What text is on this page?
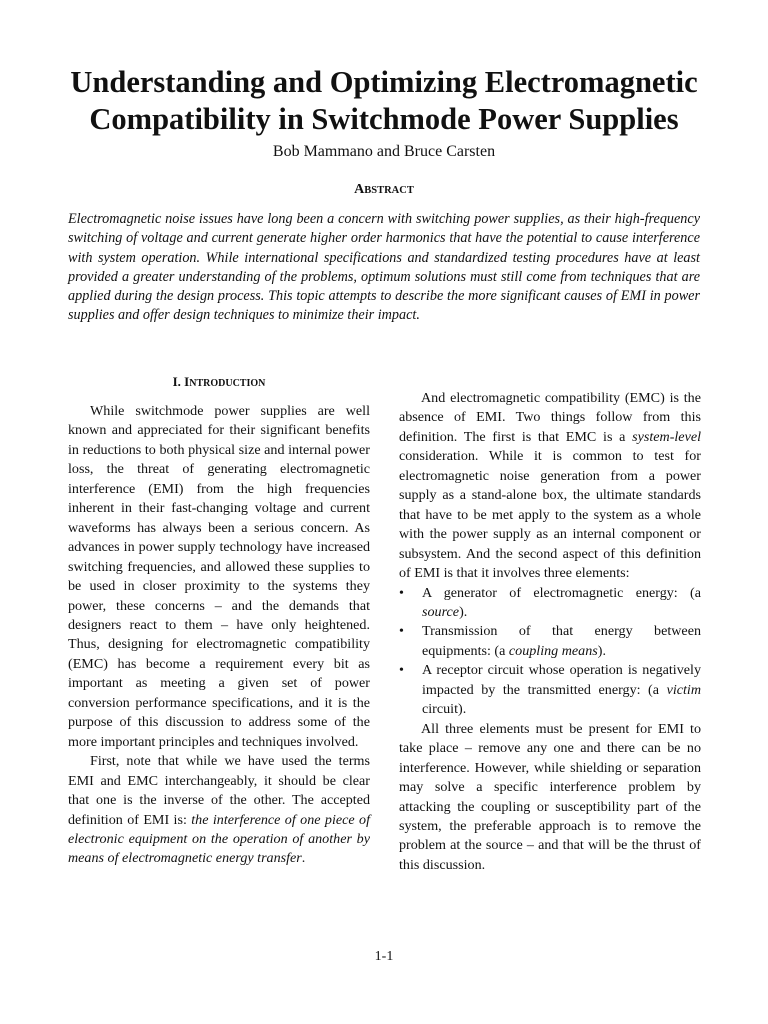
Understanding and Optimizing Electromagnetic
Compatibility in Switchmode Power Supplies
Bob Mammano and Bruce Carsten
ABSTRACT
Electromagnetic noise issues have long been a concern with switching power supplies, as their high-frequency switching of voltage and current generate higher order harmonics that have the potential to cause interference with system operation. While international specifications and standardized testing procedures have at least provided a greater understanding of the problems, optimum solutions must still come from techniques that are applied during the design process. This topic attempts to describe the more significant causes of EMI in power supplies and offer design techniques to minimize their impact.
I. INTRODUCTION

While switchmode power supplies are well known and appreciated for their significant benefits in reductions to both physical size and internal power loss, the threat of generating electromagnetic interference (EMI) from the high frequencies inherent in their fast-changing voltage and current waveforms has always been a serious concern. As advances in power supply technology have increased switching frequencies, and allowed these supplies to be used in closer proximity to the systems they power, these concerns – and the demands that designers react to them – have only heightened. Thus, designing for electromagnetic compatibility (EMC) has become a requirement every bit as important as meeting a given set of power conversion performance specifications, and it is the purpose of this discussion to address some of the more important principles and techniques involved.

First, note that while we have used the terms EMI and EMC interchangeably, it should be clear that one is the inverse of the other. The accepted definition of EMI is: the interference of one piece of electronic equipment on the operation of another by means of electromagnetic energy transfer.

And electromagnetic compatibility (EMC) is the absence of EMI. Two things follow from this definition. The first is that EMC is a system-level consideration. While it is common to test for electromagnetic noise generation from a power supply as a stand-alone box, the ultimate standards that have to be met apply to the system as a whole with the power supply as an internal component or subsystem. And the second aspect of this definition of EMI is that it involves three elements:

• A generator of electromagnetic energy: (a source).
• Transmission of that energy between equipments: (a coupling means).
• A receptor circuit whose operation is negatively impacted by the transmitted energy: (a victim circuit).

All three elements must be present for EMI to take place – remove any one and there can be no interference. However, while shielding or separation may solve a specific interference problem by attacking the coupling or susceptibility part of the system, the preferable approach is to remove the problem at the source – and that will be the thrust of this discussion.

1-1
